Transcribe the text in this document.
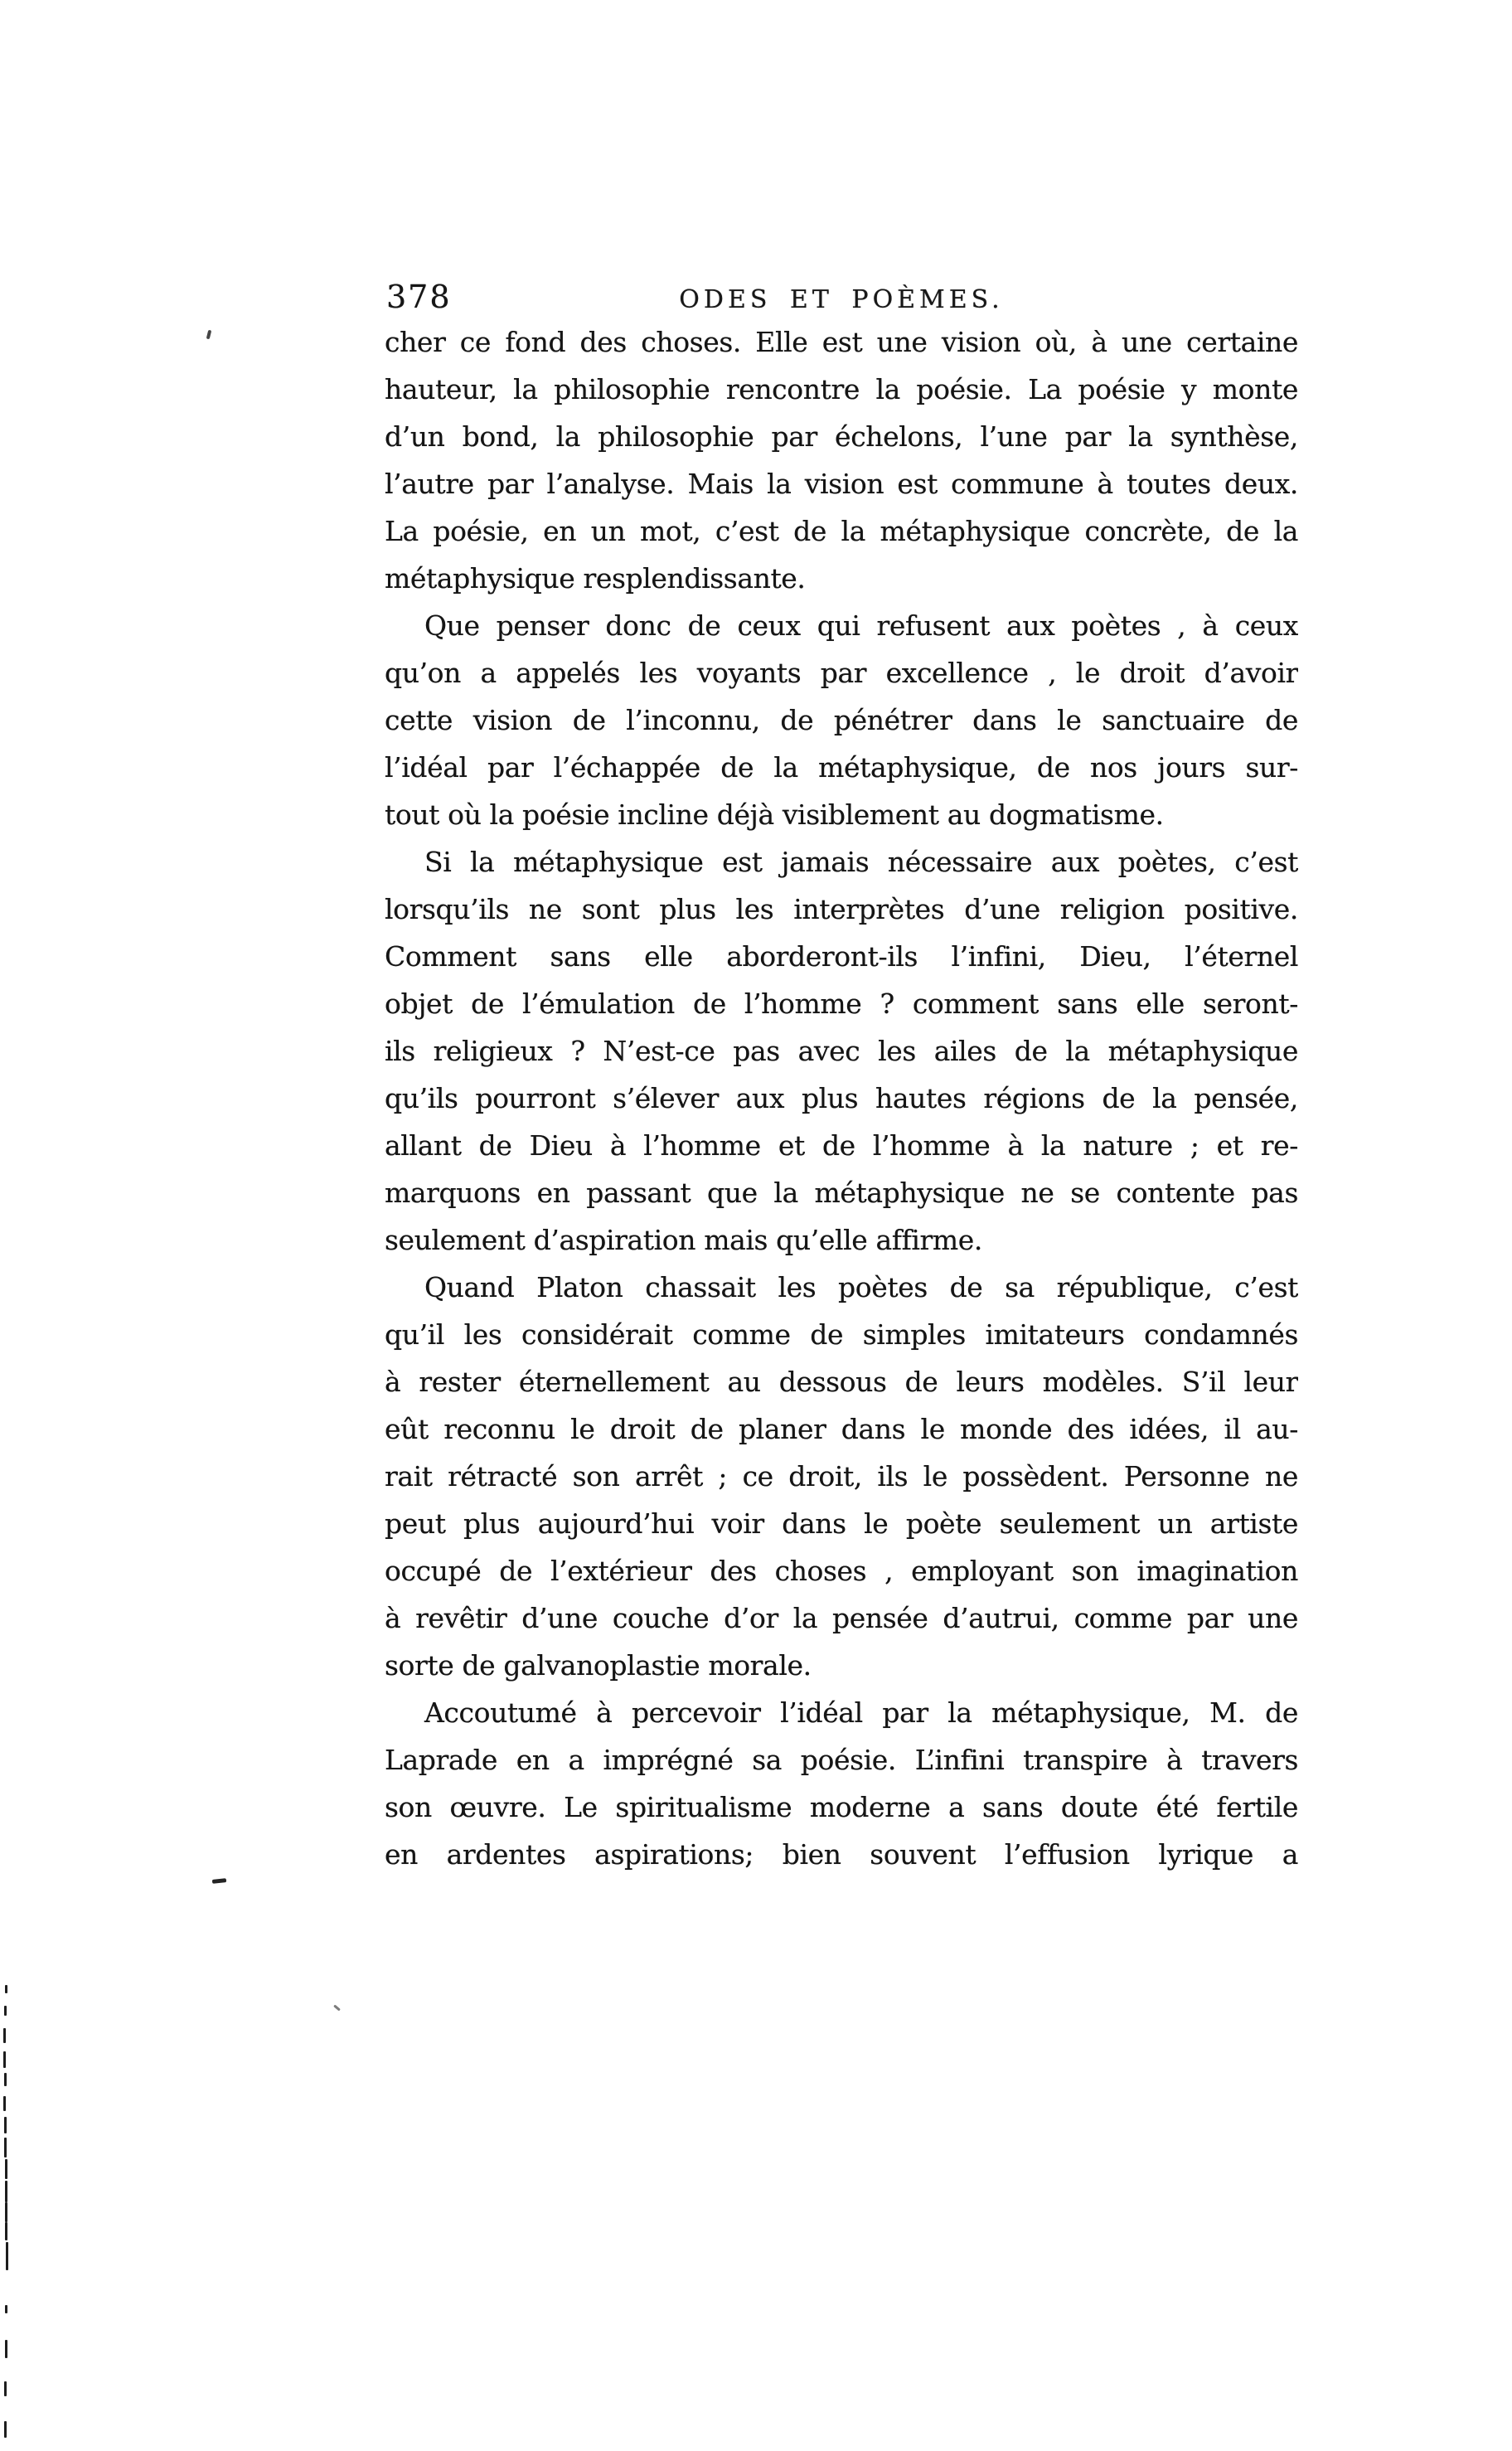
378	ODES ET POÈMES.
cher ce fond des choses. Elle est une vision où, à une certaine
hauteur, la philosophie rencontre la poésie. La poésie y monte
d’un bond, la philosophie par échelons, l’une par la synthèse,
l’autre par l’analyse. Mais la vision est commune à toutes deux.
La poésie, en un mot, c’est de la métaphysique concrète, de la
métaphysique resplendissante.
Que penser donc de ceux qui refusent aux poètes , à ceux
qu’on a appelés les voyants par excellence , le droit d’avoir
cette vision de l’inconnu, de pénétrer dans le sanctuaire de
l’idéal par l’échappée de la métaphysique, de nos jours sur-
tout où la poésie incline déjà visiblement au dogmatisme.
Si la métaphysique est jamais nécessaire aux poètes, c’est
lorsqu’ils ne sont plus les interprètes d’une religion positive.
Comment sans elle aborderont-ils l’infini, Dieu, l’éternel
objet de l’émulation de l’homme ? comment sans elle seront-
ils religieux ? N’est-ce pas avec les ailes de la métaphysique
qu’ils pourront s’élever aux plus hautes régions de la pensée,
allant de Dieu à l’homme et de l’homme à la nature ; et re-
marquons en passant que la métaphysique ne se contente pas
seulement d’aspiration mais qu’elle affirme.
Quand Platon chassait les poètes de sa république, c’est
qu’il les considérait comme de simples imitateurs condamnés
à rester éternellement au dessous de leurs modèles. S’il leur
eût reconnu le droit de planer dans le monde des idées, il au-
rait rétracté son arrêt ; ce droit, ils le possèdent. Personne ne
peut plus aujourd’hui voir dans le poète seulement un artiste
occupé de l’extérieur des choses , employant son imagination
à revêtir d’une couche d’or la pensée d’autrui, comme par une
sorte de galvanoplastie morale.
Accoutumé à percevoir l’idéal par la métaphysique, M. de
Laprade en a imprégné sa poésie. L’infini transpire à travers
son œuvre. Le spiritualisme moderne a sans doute été fertile
en ardentes aspirations; bien souvent l’effusion lyrique a
